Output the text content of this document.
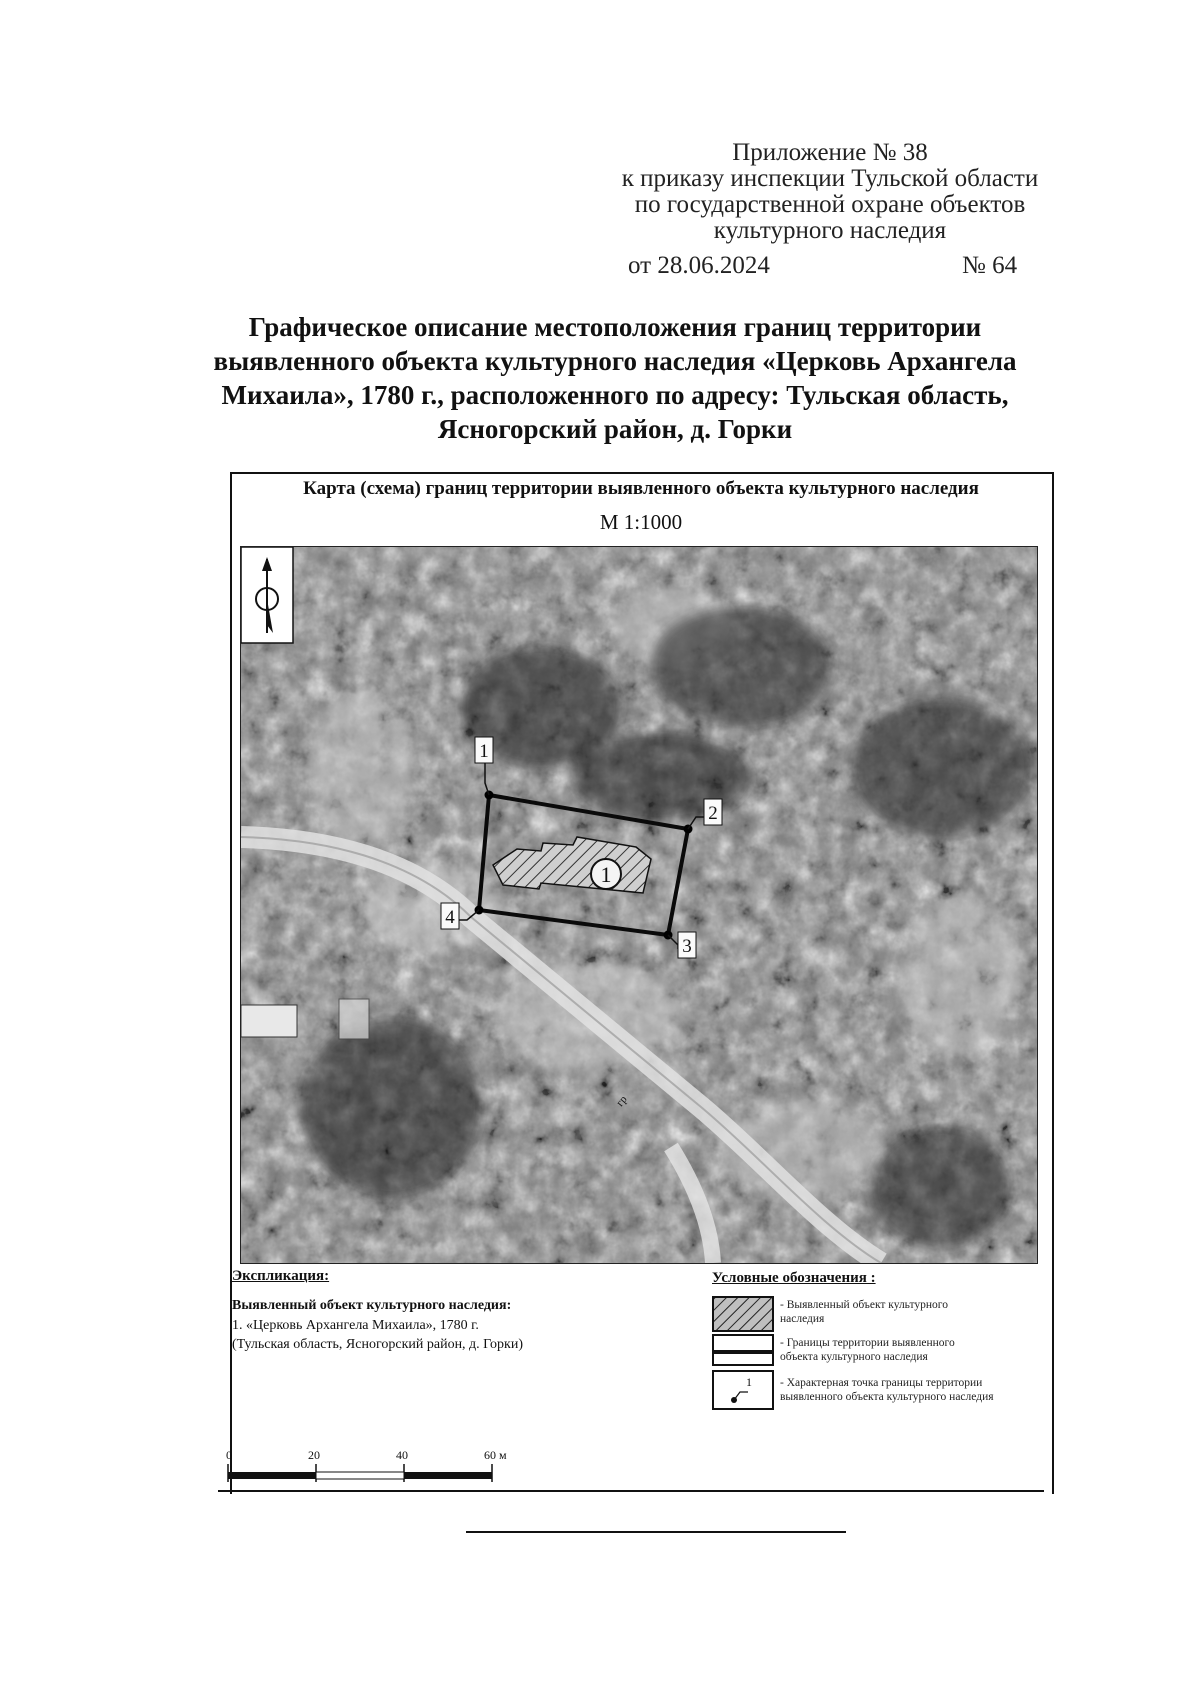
Приложение № 38
к приказу инспекции Тульской области
по государственной охране объектов
культурного наследия
от 28.06.2024	№ 64
Графическое описание местоположения границ территории
выявленного объекта культурного наследия «Церковь Архангела
Михаила», 1780 г., расположенного по адресу: Тульская область,
Ясногорский район, д. Горки
Карта (схема) границ территории выявленного объекта культурного наследия
М 1:1000
гр
1
1
2
3
4
Экспликация:
Выявленный объект культурного наследия:
1. «Церковь Архангела Михаила», 1780 г.
(Тульская область, Ясногорский район, д. Горки)
Условные обозначения :
- Выявленный объект культурного
наследия
- Границы территории выявленного
объекта культурного наследия
1 - Характерная точка границы территории
выявленного объекта культурного наследия
0	20	40	60 м
